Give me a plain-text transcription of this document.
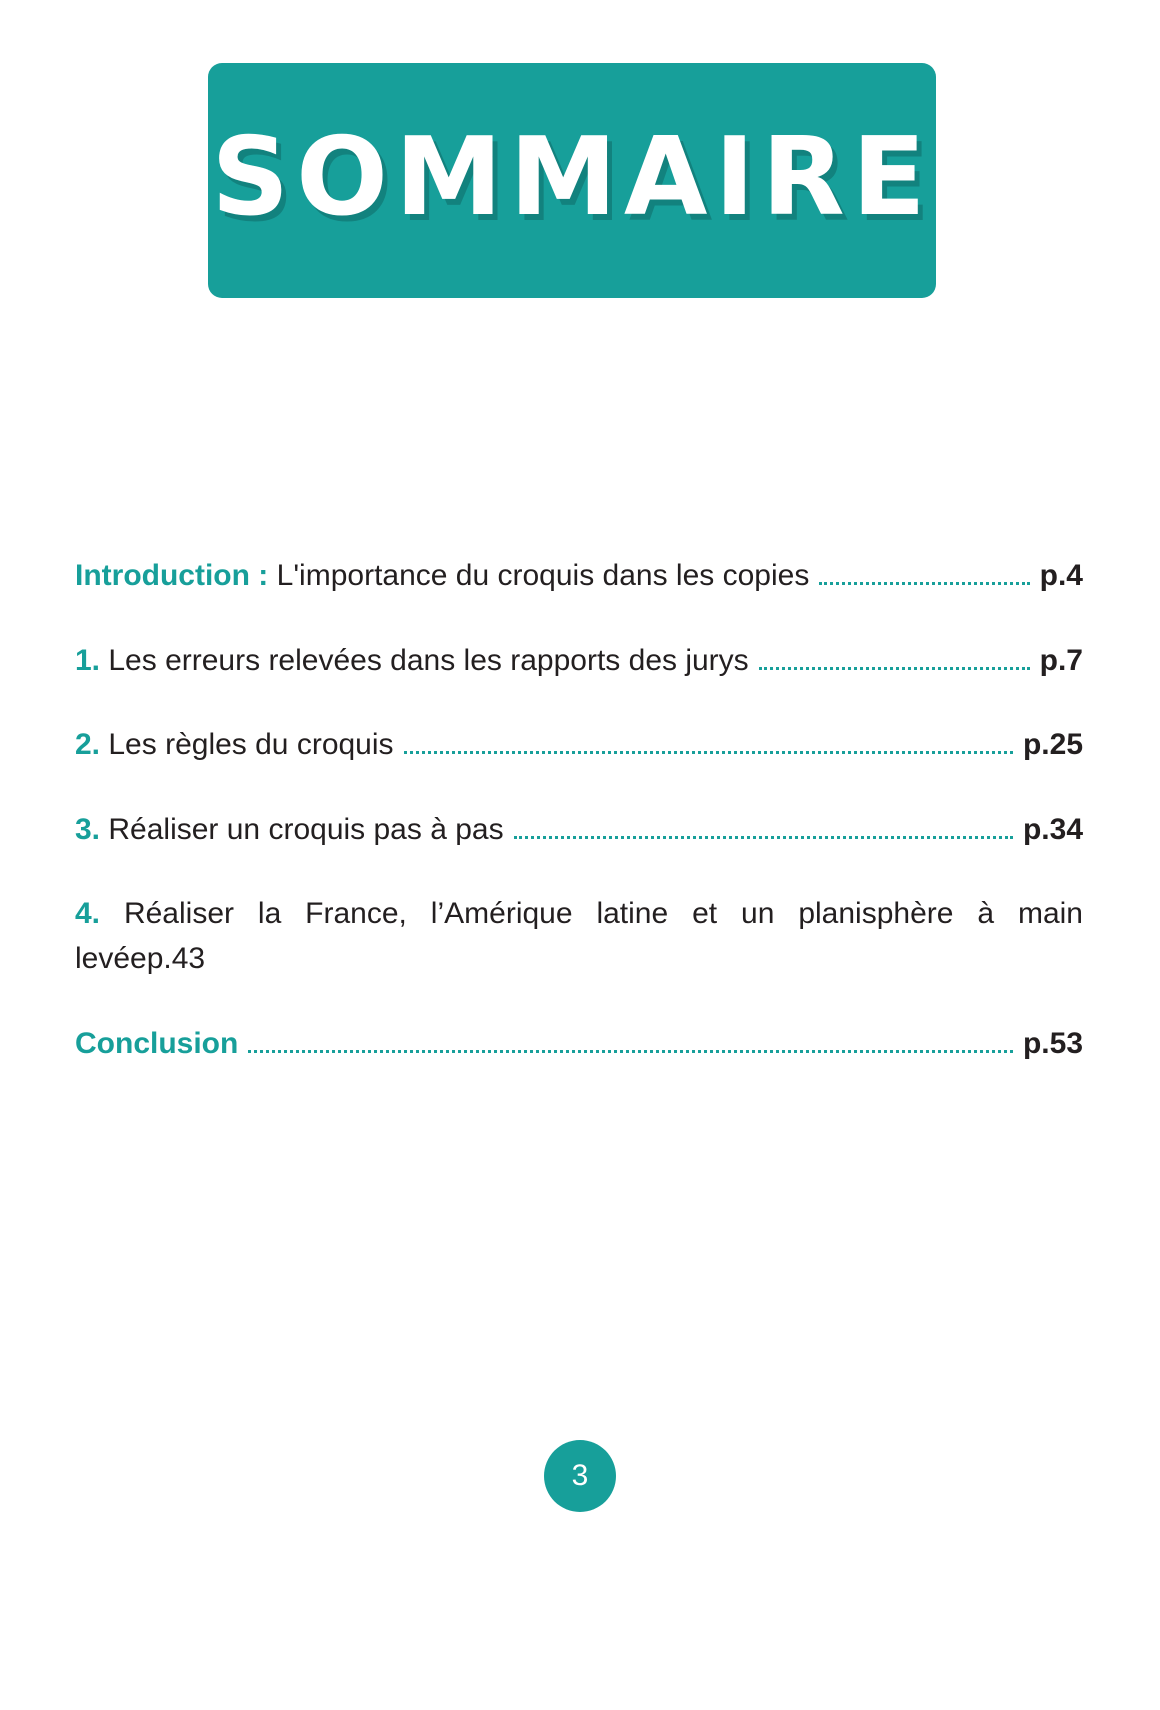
SOMMAIRE
Introduction : L'importance du croquis dans les copies	p.4
1. Les erreurs relevées dans les rapports des jurys	p.7
2. Les règles du croquis	p.25
3. Réaliser un croquis pas à pas	p.34
4. Réaliser la France, l’Amérique latine et un planisphère à main
levée p.43
Conclusion	p.53
3
